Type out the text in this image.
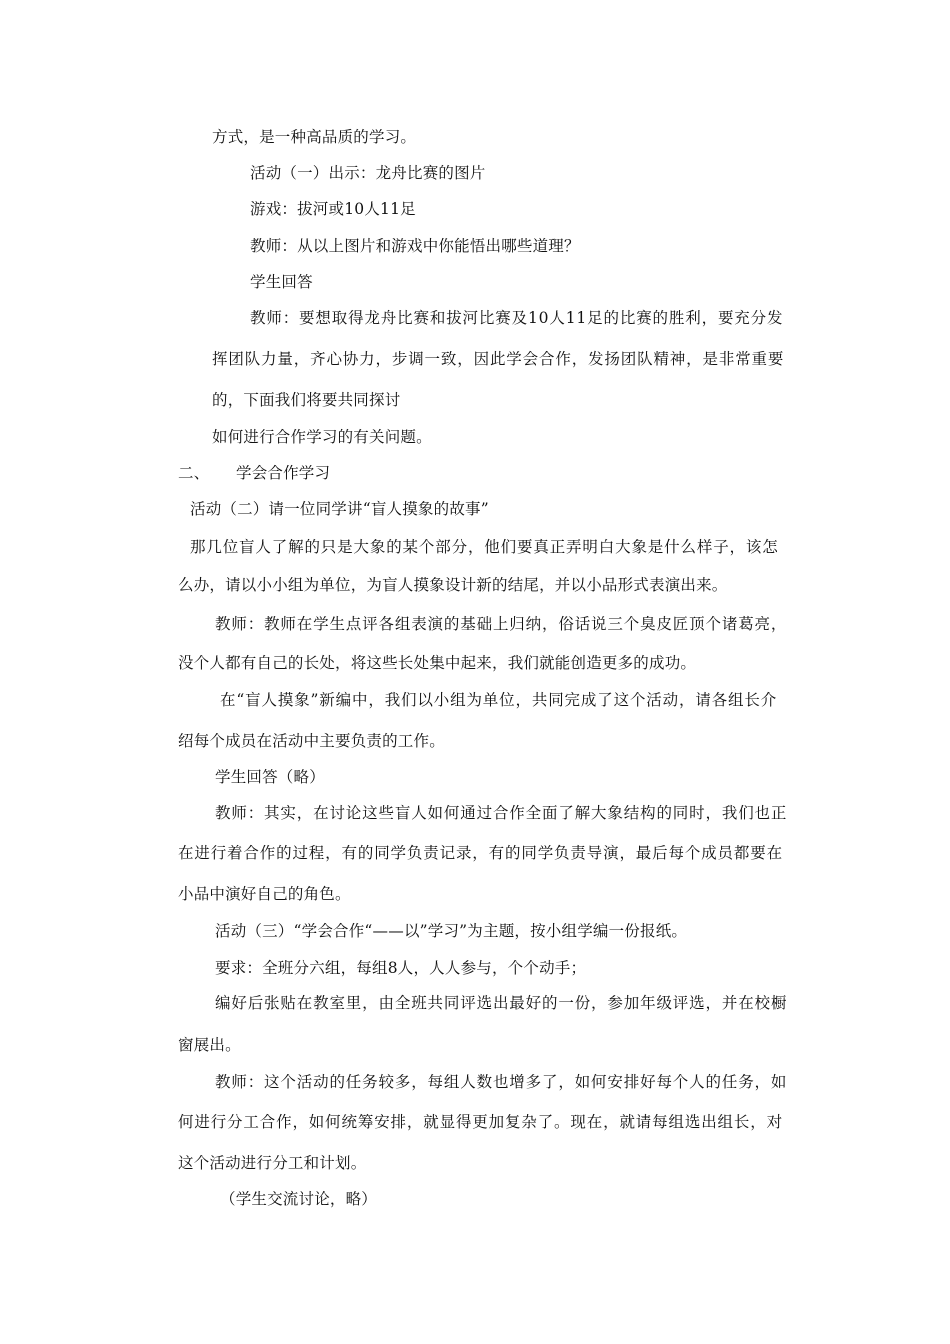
方式，是一种高品质的学习。
活动（一）出示：龙舟比赛的图片
游戏：拔河或10人11足
教师：从以上图片和游戏中你能悟出哪些道理？
学生回答
教师：要想取得龙舟比赛和拔河比赛及10人11足的比赛的胜利，要充分发
挥团队力量，齐心协力，步调一致，因此学会合作，发扬团队精神，是非常重要
的，下面我们将要共同探讨
如何进行合作学习的有关问题。
二、 学会合作学习
活动（二）请一位同学讲“盲人摸象的故事”
那几位盲人了解的只是大象的某个部分，他们要真正弄明白大象是什么样子，该怎
么办，请以小小组为单位，为盲人摸象设计新的结尾，并以小品形式表演出来。
教师：教师在学生点评各组表演的基础上归纳，俗话说三个臭皮匠顶个诸葛亮，
没个人都有自己的长处，将这些长处集中起来，我们就能创造更多的成功。
在“盲人摸象”新编中，我们以小组为单位，共同完成了这个活动，请各组长介
绍每个成员在活动中主要负责的工作。
学生回答（略）
教师：其实，在讨论这些盲人如何通过合作全面了解大象结构的同时，我们也正
在进行着合作的过程，有的同学负责记录，有的同学负责导演，最后每个成员都要在
小品中演好自己的角色。
活动（三）“学会合作“——以”学习”为主题，按小组学编一份报纸。
要求：全班分六组，每组8人，人人参与，个个动手；
编好后张贴在教室里，由全班共同评选出最好的一份，参加年级评选，并在校橱
窗展出。
教师：这个活动的任务较多，每组人数也增多了，如何安排好每个人的任务，如
何进行分工合作，如何统筹安排，就显得更加复杂了。现在，就请每组选出组长，对
这个活动进行分工和计划。
（学生交流讨论，略）
